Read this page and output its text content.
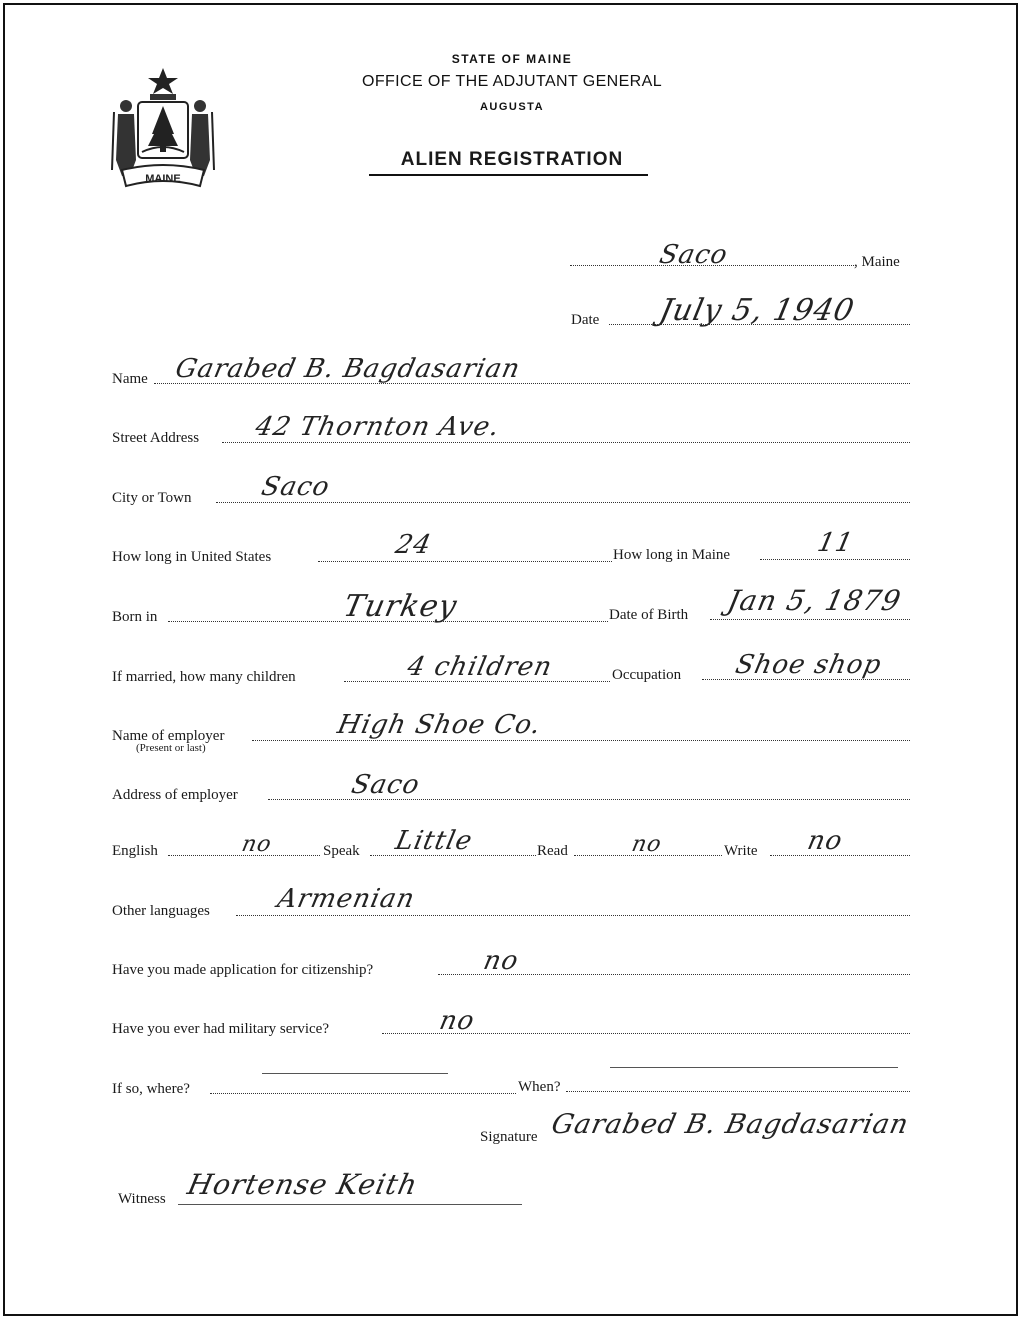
MAINE
STATE OF MAINE
OFFICE OF THE ADJUTANT GENERAL
AUGUSTA
ALIEN REGISTRATION
Saco	, Maine
Date July 5, 1940
Name Garabed B. Bagdasarian
Street Address 42 Thornton Ave.
City or Town	Saco
How long in United States	24	How long in Maine	11
Born in	Turkey	Date of Birth Jan 5, 1879
If married, how many children	4 children	Occupation Shoe shop
Name of employer
(Present or last)
High Shoe Co.
Address of employer	Saco
English	no	Speak Little	Read	no	Write no
Other languages Armenian
Have you made application for citizenship?	no
Have you ever had military service?	no
If so, where?	When?
Signature Garabed B. Bagdasarian
Witness Hortense Keith
